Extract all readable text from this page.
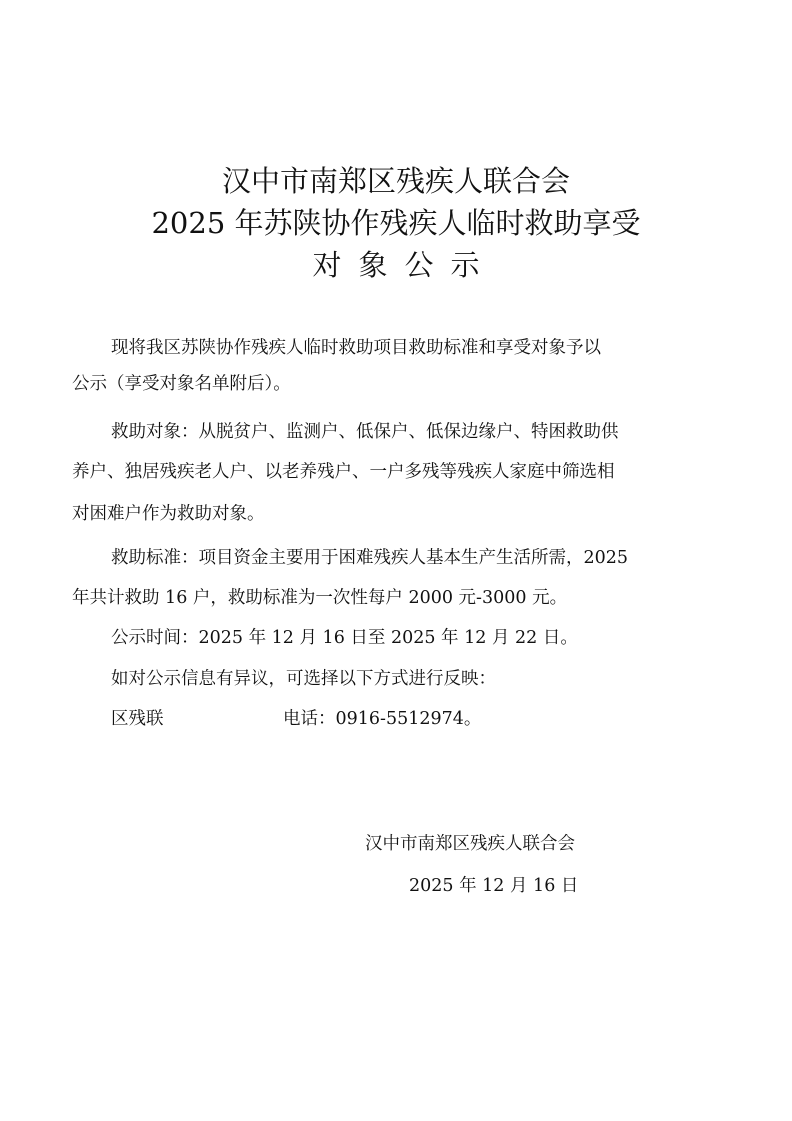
汉中市南郑区残疾人联合会
2025 年苏陕协作残疾人临时救助享受
对象公示
现将我区苏陕协作残疾人临时救助项目救助标准和享受对象予以
公示（享受对象名单附后）。
救助对象：从脱贫户、监测户、低保户、低保边缘户、特困救助供
养户、独居残疾老人户、以老养残户、一户多残等残疾人家庭中筛选相
对困难户作为救助对象。
救助标准：项目资金主要用于困难残疾人基本生产生活所需，2025
年共计救助 16 户，救助标准为一次性每户 2000 元-3000 元。
公示时间：2025 年 12 月 16 日至 2025 年 12 月 22 日。
如对公示信息有异议，可选择以下方式进行反映：
区残联	电话：0916-5512974。
汉中市南郑区残疾人联合会
2025 年 12 月 16 日
